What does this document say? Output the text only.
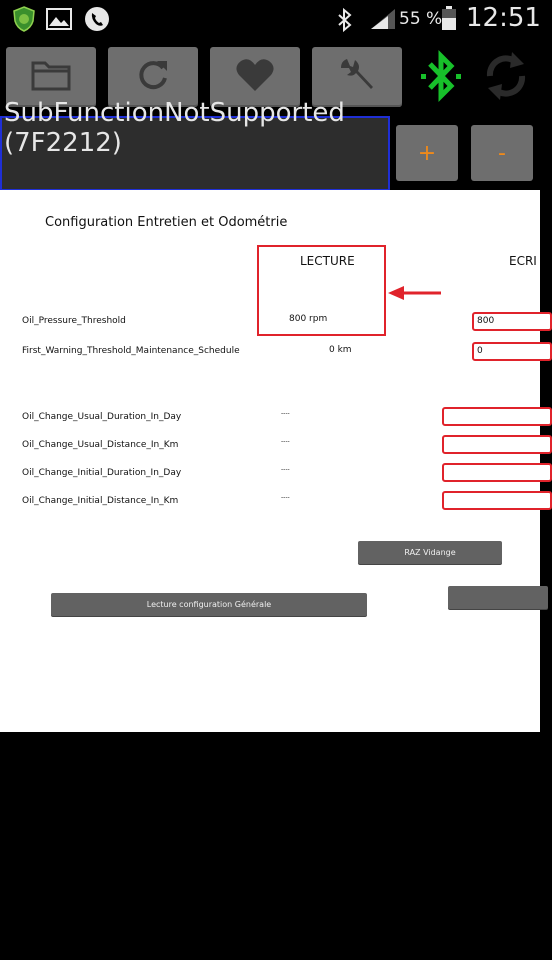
55 % 12:51
SubFunctionNotSupported
(7F2212)	+	-
Configuration Entretien et Odométrie
LECTURE	ECRI
Oil_Pressure_Threshold	800 rpm	800
First_Warning_Threshold_Maintenance_Schedule	0 km	0
Oil_Change_Usual_Duration_In_Day	----
Oil_Change_Usual_Distance_In_Km	----
Oil_Change_Initial_Duration_In_Day	----
Oil_Change_Initial_Distance_In_Km	----
RAZ Vidange
Lecture configuration Générale
